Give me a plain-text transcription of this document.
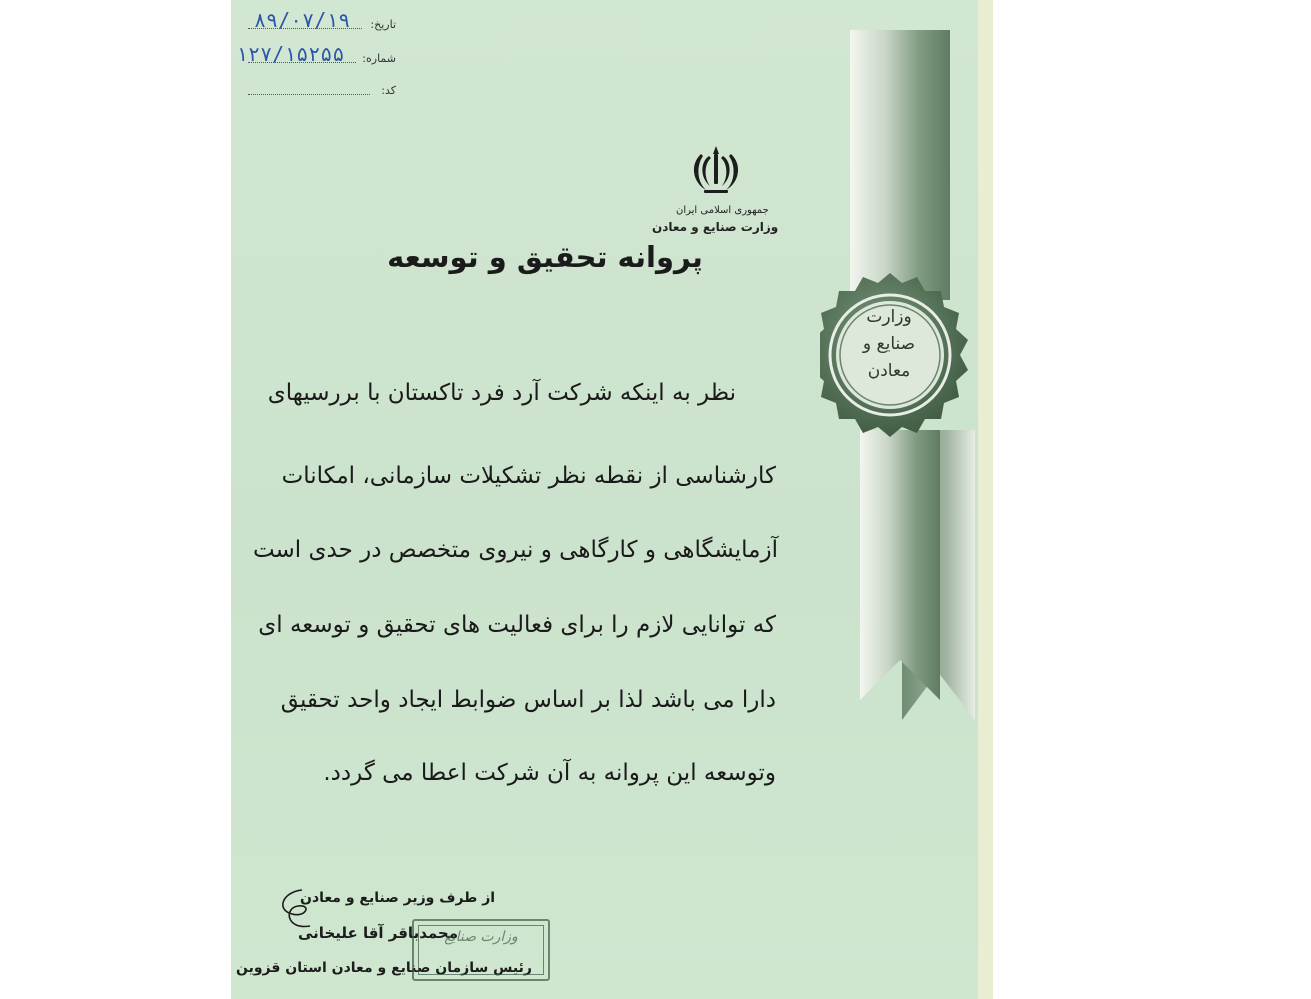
تاریخ:
۸۹/۰۷/۱۹
شماره:
۱۲۷/۱۵۲۵۵
کد:
جمهوری اسلامی ایران
وزارت صنایع و معادن
پروانه تحقیق و توسعه
نظر به اینکه شرکت آرد فرد تاکستان با بررسیهای
کارشناسی از نقطه نظر تشکیلات سازمانی، امکانات
آزمایشگاهی و کارگاهی و نیروی متخصص در حدی است
که توانایی لازم را برای فعالیت های تحقیق و توسعه ای
دارا می باشد لذا بر اساس ضوابط ایجاد واحد تحقیق
وتوسعه این پروانه به آن شرکت اعطا می گردد.
وزارت
صنایع و
معادن
از طرف وزیر صنایع و معادن
محمدباقر آقا علیخانی
رئیس سازمان صنایع و معادن استان قزوین
وزارت صنایع
